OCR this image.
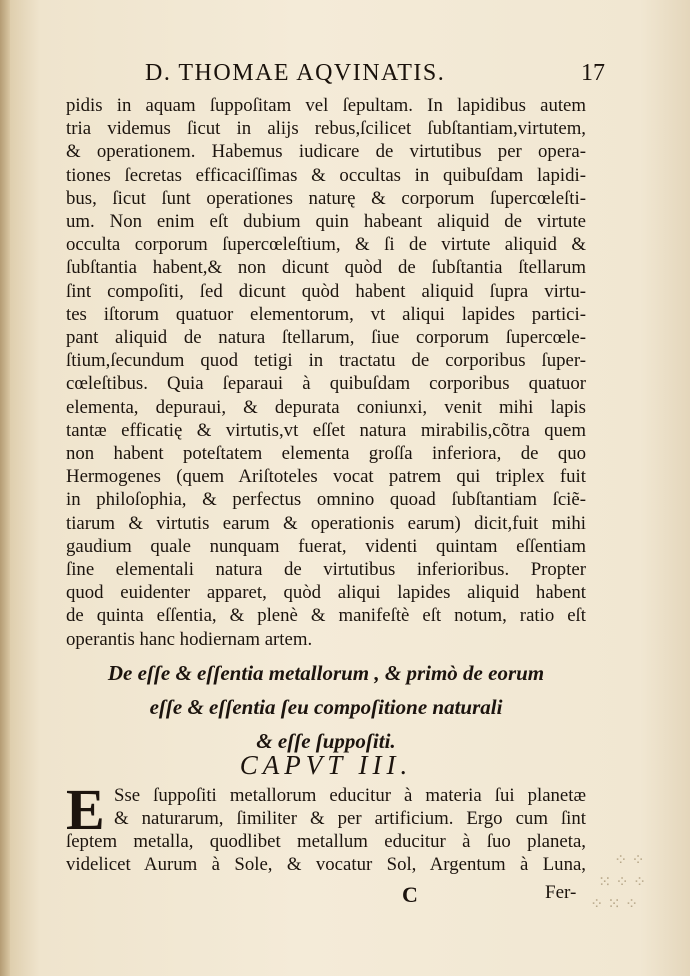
D. THOMAE AQVINATIS.	17
pidis in aquam ſuppoſitam vel ſepultam. In lapidibus autem
tria videmus ſicut in alijs rebus,ſcilicet ſubſtantiam,virtutem,
& operationem. Habemus iudicare de virtutibus per opera-
tiones ſecretas efficaciſſimas & occultas in quibuſdam lapidi-
bus, ſicut ſunt operationes naturę & corporum ſupercœleſti-
um. Non enim eſt dubium quin habeant aliquid de virtute
occulta corporum ſupercœleſtium, & ſi de virtute aliquid &
ſubſtantia habent,& non dicunt quòd de ſubſtantia ſtellarum
ſint compoſiti, ſed dicunt quòd habent aliquid ſupra virtu-
tes iſtorum quatuor elementorum, vt aliqui lapides partici-
pant aliquid de natura ſtellarum, ſiue corporum ſupercœle-
ſtium,ſecundum quod tetigi in tractatu de corporibus ſuper-
cœleſtibus. Quia ſeparaui à quibuſdam corporibus quatuor
elementa, depuraui, & depurata coniunxi, venit mihi lapis
tantæ efficatię & virtutis,vt eſſet natura mirabilis,cõtra quem
non habent poteſtatem elementa groſſa inferiora, de quo
Hermogenes (quem Ariſtoteles vocat patrem qui triplex fuit
in philoſophia, & perfectus omnino quoad ſubſtantiam ſciẽ-
tiarum & virtutis earum & operationis earum) dicit,fuit mihi
gaudium quale nunquam fuerat, videnti quintam eſſentiam
ſine elementali natura de virtutibus inferioribus. Propter
quod euidenter apparet, quòd aliqui lapides aliquid habent
de quinta eſſentia, & plenè & manifeſtè eſt notum, ratio eſt
operantis hanc hodiernam artem.
De eſſe & eſſentia metallorum , & primò de eorum
eſſe & eſſentia ſeu compoſitione naturali
& eſſe ſuppoſiti.
CAPVT III.
E Sse ſuppoſiti metallorum educitur à materia ſui planetæ
& naturarum, ſimiliter & per artificium. Ergo cum ſint
ſeptem metalla, quodlibet metallum educitur à ſuo planeta,
videlicet Aurum à Sole, & vocatur Sol, Argentum à Luna,
C	Fer-
⁘ ⁘
⁙ ⁘ ⁘
⁘ ⁙ ⁘
